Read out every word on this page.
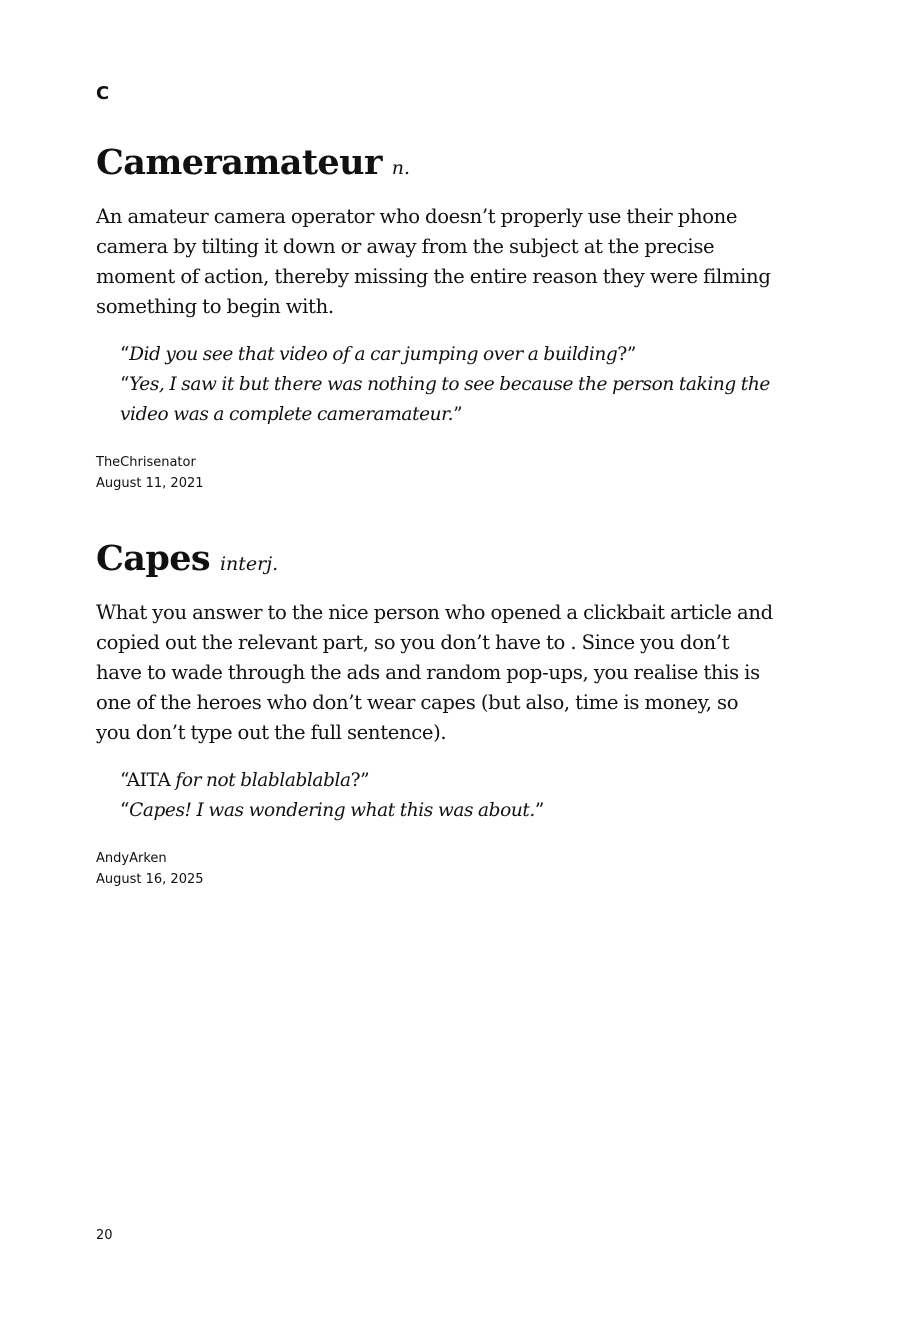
C
Cameramateur n.

An amateur camera operator who doesn’t properly use their phone camera by tilting it down or away from the subject at the precise moment of action, thereby missing the entire reason they were filming something to begin with.

“Did you see that video of a car jumping over a building?”
“Yes, I saw it but there was nothing to see because the person taking the video was a complete cameramateur.”
TheChrisenator
August 11, 2021
Capes interj.

What you answer to the nice person who opened a clickbait article and copied out the relevant part, so you don’t have to . Since you don’t have to wade through the ads and random pop-ups, you realise this is one of the heroes who don’t wear capes (but also, time is money, so you don’t type out the full sentence).

“AITA for not blablablabla?”
“Capes! I was wondering what this was about.”
AndyArken
August 16, 2025
20
